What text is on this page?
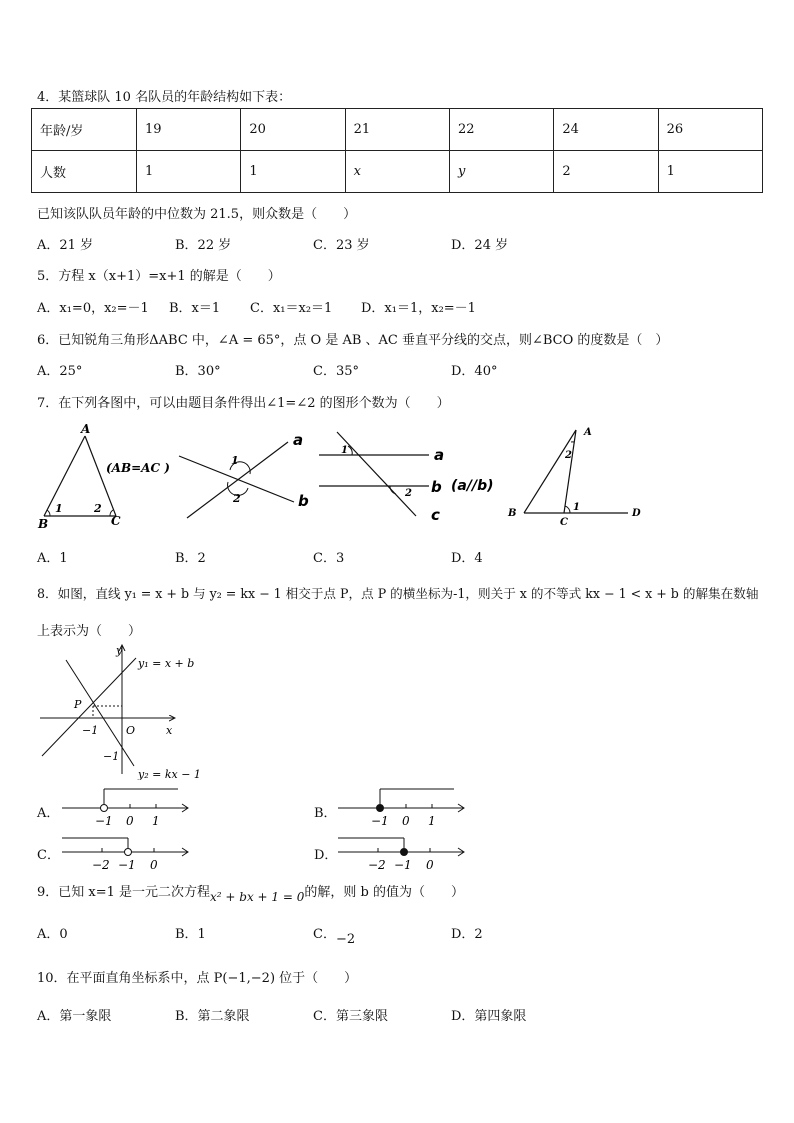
4．某篮球队 10 名队员的年龄结构如下表：
年龄/岁	19	20	21	22	24	26
人数	1	1	x	y	2	1
已知该队队员年龄的中位数为 21.5，则众数是（　　）
A．21 岁	B．22 岁	C．23 岁	D．24 岁
5．方程 x（x+1）=x+1 的解是（　　）
A．x₁=0，x₂=－1 B．x＝1 C．x₁＝x₂＝1 D．x₁＝1，x₂=－1
6．已知锐角三角形ΔABC 中，∠A = 65°，点 O 是 AB 、AC 垂直平分线的交点，则∠BCO 的度数是（　）
A．25°	B．30°	C．35°	D．40°
7．在下列各图中，可以由题目条件得出∠1=∠2 的图形个数为（　　）
A
B	C
1	2
(AB=AC )
1
2
a
b
1
2
a
b
c
(a//b)
A
B
C
D
1
2
A．1	B．2	C．3	D．4
8．如图，直线 y₁ = x + b 与 y₂ = kx − 1 相交于点 P，点 P 的横坐标为-1，则关于 x 的不等式 kx − 1 < x + b 的解集在数轴
上表示为（　　）
y
x
O
P
−1
−1
y₁ = x + b
y₂ = kx − 1
A．	−1 0 1	B．	−1 0 1
C．
−2 −1 0
D．
−2 −1 0
9．已知 x=1 是一元二次方程x² + bx + 1 = 0的解，则 b 的值为（　　）
A．0	B．1	C．−2	D．2
10．在平面直角坐标系中，点 P(−1,−2) 位于（　　）
A．第一象限	B．第二象限	C．第三象限	D．第四象限
